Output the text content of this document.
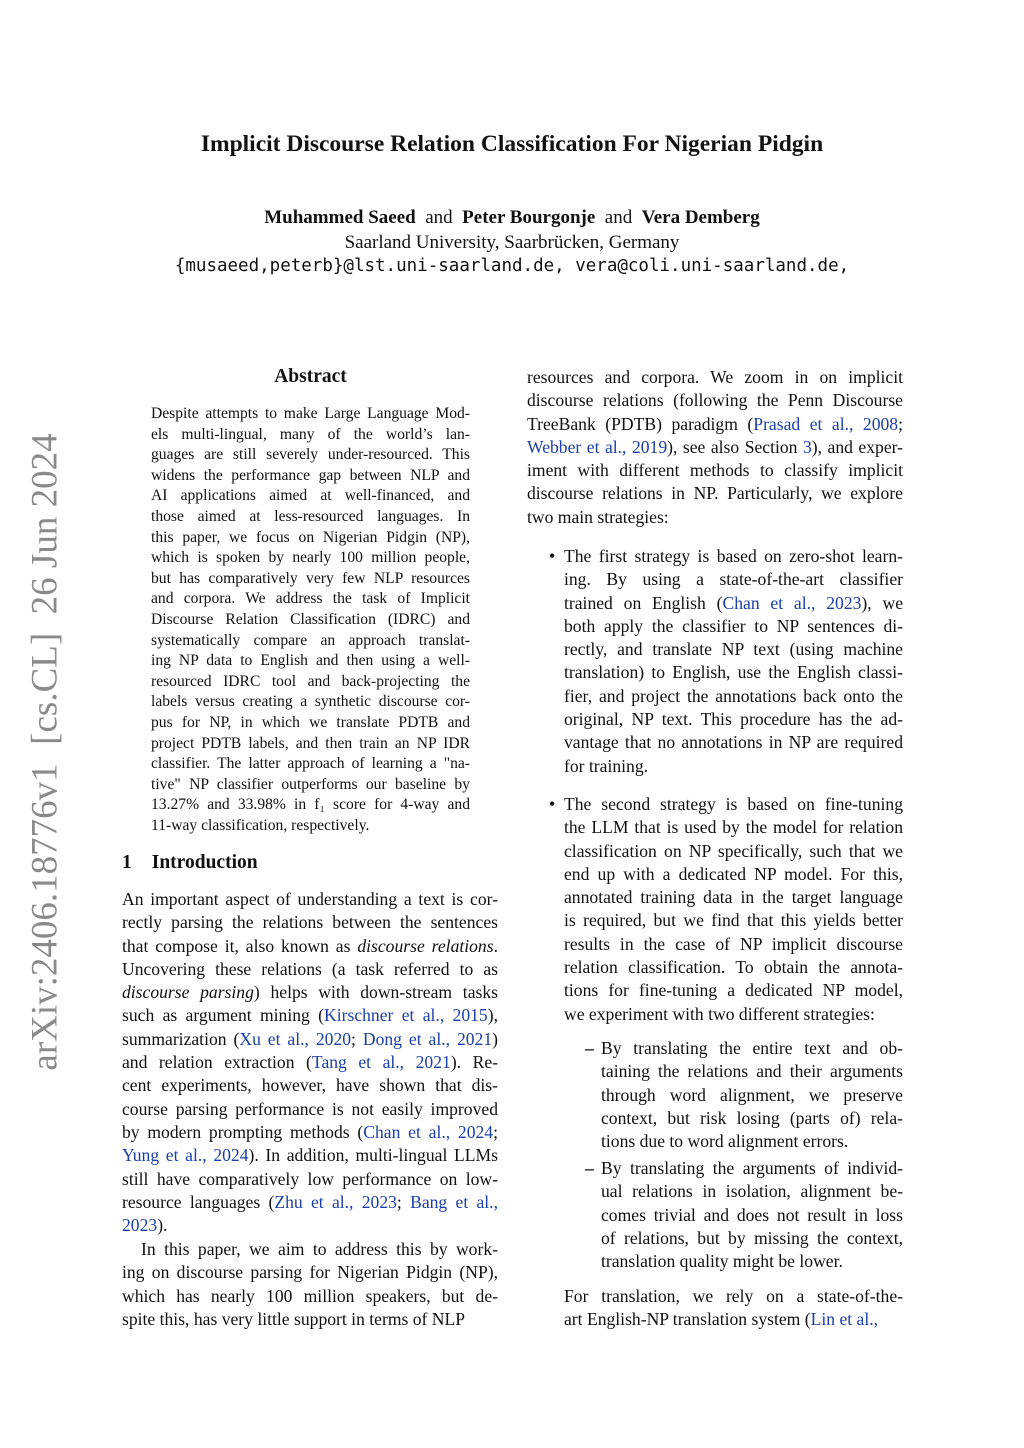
arXiv:2406.18776v1  [cs.CL]  26 Jun 2024
Implicit Discourse Relation Classification For Nigerian Pidgin
Muhammed Saeed and Peter Bourgonje and Vera Demberg
Saarland University, Saarbrücken, Germany
{musaeed,peterb}@lst.uni-saarland.de, vera@coli.uni-saarland.de,
Abstract
Despite attempts to make Large Language Mod-
els multi-lingual, many of the world’s lan-
guages are still severely under-resourced. This
widens the performance gap between NLP and
AI applications aimed at well-financed, and
those aimed at less-resourced languages. In
this paper, we focus on Nigerian Pidgin (NP),
which is spoken by nearly 100 million people,
but has comparatively very few NLP resources
and corpora. We address the task of Implicit
Discourse Relation Classification (IDRC) and
systematically compare an approach translat-
ing NP data to English and then using a well-
resourced IDRC tool and back-projecting the
labels versus creating a synthetic discourse cor-
pus for NP, in which we translate PDTB and
project PDTB labels, and then train an NP IDR
classifier. The latter approach of learning a "na-
tive" NP classifier outperforms our baseline by
13.27% and 33.98% in f₁ score for 4-way and
11-way classification, respectively.
1 Introduction
An important aspect of understanding a text is cor-
rectly parsing the relations between the sentences
that compose it, also known as discourse relations.
Uncovering these relations (a task referred to as
discourse parsing) helps with down-stream tasks
such as argument mining (Kirschner et al., 2015),
summarization (Xu et al., 2020; Dong et al., 2021)
and relation extraction (Tang et al., 2021). Re-
cent experiments, however, have shown that dis-
course parsing performance is not easily improved
by modern prompting methods (Chan et al., 2024;
Yung et al., 2024). In addition, multi-lingual LLMs
still have comparatively low performance on low-
resource languages (Zhu et al., 2023; Bang et al.,
2023).
In this paper, we aim to address this by work-
ing on discourse parsing for Nigerian Pidgin (NP),
which has nearly 100 million speakers, but de-
spite this, has very little support in terms of NLP
resources and corpora. We zoom in on implicit
discourse relations (following the Penn Discourse
TreeBank (PDTB) paradigm (Prasad et al., 2008;
Webber et al., 2019), see also Section 3), and exper-
iment with different methods to classify implicit
discourse relations in NP. Particularly, we explore
two main strategies:
• The first strategy is based on zero-shot learn-
ing. By using a state-of-the-art classifier
trained on English (Chan et al., 2023), we
both apply the classifier to NP sentences di-
rectly, and translate NP text (using machine
translation) to English, use the English classi-
fier, and project the annotations back onto the
original, NP text. This procedure has the ad-
vantage that no annotations in NP are required
for training.
• The second strategy is based on fine-tuning
the LLM that is used by the model for relation
classification on NP specifically, such that we
end up with a dedicated NP model. For this,
annotated training data in the target language
is required, but we find that this yields better
results in the case of NP implicit discourse
relation classification. To obtain the annota-
tions for fine-tuning a dedicated NP model,
we experiment with two different strategies:
– By translating the entire text and ob-
taining the relations and their arguments
through word alignment, we preserve
context, but risk losing (parts of) rela-
tions due to word alignment errors.
– By translating the arguments of individ-
ual relations in isolation, alignment be-
comes trivial and does not result in loss
of relations, but by missing the context,
translation quality might be lower.
For translation, we rely on a state-of-the-
art English-NP translation system (Lin et al.,
